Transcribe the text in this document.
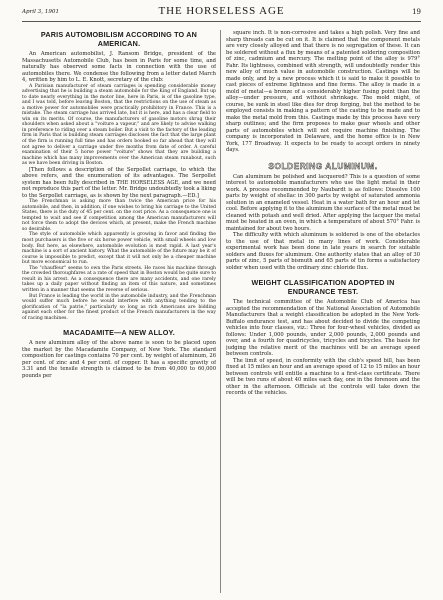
April 3, 1901	THE HORSELESS AGE	19
PARIS AUTOMOBILISM ACCORDING TO AN
AMERICAN.

An American automobilist, J. Ransom Bridge, president of the Massachusetts Automobile Club, has been in Paris for some time, and naturally has observed some facts in connection with the use of automobiles there. We condense the following from a letter dated March 4, written by him to L. E. Knott, secretary of the club:

A Parisian manufacturer of steam carriages is spending considerable money advertising that he is building a steam automobile for the King of England. But up to date nearly everything in the motor line, here in Paris, is of the gasoline type, and I was told, before leaving Boston, that the restrictions on the use of steam as a motive power for automobiles were practically prohibitory in France. This is a mistake. The steam carriage has arrived late, but it is here, and has a clear field to win on its merits. Of course, the manufacturers of gasoline motors shrug their shoulders when asked about a "voiture a vapeur," and are likely to advise walking in preference to riding over a steam boiler. But a visit to the factory of the leading firm in Paris that is building steam carriages discloses the fact that the large plant of the firm is running full time and has orders booked so far ahead that they will not agree to deliver a carriage under five months from date of order. A careful examination of their 5 horse power "voiture" shows that they are building a machine which has many improvements over the American steam runabout, such as we have been driving in Boston.

[Then follows a description of the Serpollet carriage, to which the above refers, and the enumeration of its advantages. The Serpollet system has been fully described in THE HORSELESS AGE, and we need not reproduce this part of the letter. Mr. Bridge undoubtedly took a liking to the Serpollet carriage, as is shown by the next paragraph.—ED.]

The Frenchman is asking more than twice the American price for his automobile, and then, in addition, if one wishes to bring his carriage to the United States, there is the duty of 45 per cent. on the cost price. As a consequence one is tempted to wait and see if competition among the American manufacturers will not force them to adopt the devices which, at present, make the French machine so desirable.

The style of automobile which apparently is growing in favor and finding the most purchasers is the five or six horse power vehicle, with small wheels and low body. But here, as elsewhere, automobile evolution is most rapid. A last year's machine is a sort of ancient history. What the automobile of the future may be it of course is impossible to predict, except that it will not only be a cheaper machine but more economical to run.

The "chauffeur" seems to own the Paris streets. He races his machine through the crowded thoroughfares at a rate of speed that in Boston would be quite sure to result in his arrest. As a consequence there are many accidents, and one rarely takes up a daily paper without finding an item of this nature, and sometimes written in a manner that seems the reverse of serious.

But France is leading the world in the automobile industry, and the Frenchman would suffer much before he would interfere with anything tending to the glorification of "la patrie," particularly so long as rich Americans are bidding against each other for the finest product of the French manufacturers in the way of racing machines.

MACADAMITE—A NEW ALLOY.

A new aluminum alloy of the above name is soon to be placed upon the market by the Macadamite Company, of New York. The standard composition for castings contains 70 per cent. by weight of aluminum, 26 per cent. of zinc and 4 per cent. of copper. It has a specific gravity of 3.31 and the tensile strength is claimed to be from 40,000 to 60,000 pounds per

square inch. It is non-corrosive and takes a high polish. Very fine and sharp threads can be cut on it. It is claimed that the component metals are very closely alloyed and that there is no segregation of these. It can be soldered without a flux by means of a patented soldering composition of zinc, cadmium and mercury. The melting point of the alloy is 979° Fahr. Its lightness, combined with strength, will undoubtedly render this new alloy of much value in automobile construction. Castings will be made only, and by a new process which it is said to make it possible to cast pieces of extreme lightness and fine forms. The alloy is made in a mold of metal—a bronze of a considerably higher fusing point than the alloy—under pressure, and without shrinkage. The mold might, of course, be sunk in steel like dies for drop forging, but the method to be employed consists in making a pattern of the casting to be made and to make the metal mold from this. Castings made by this process have very sharp outlines; and the firm proposes to make gear wheels and other parts of automobiles which will not require machine finishing. The company is incorporated in Delaware, and the home office is in New York, 177 Broadway. It expects to be ready to accept orders in ninety days.

SOLDERING ALUMINUM.

Can aluminum be polished and lacquered? This is a question of some interest to automobile manufacturers who use the light metal in their work. A process recommended by Naubardt is as follows: Dissolve 100 parts by weight of shellac in 300 parts by weight of saturated ammonia solution in an enameled vessel. Heat in a water bath for an hour and let cool. Before applying it to the aluminum the surface of the metal must be cleaned with potash and well dried. After applying the lacquer the metal must be heated in an oven, in which a temperature of about 570° Fahr. is maintained for about two hours.

The difficulty with which aluminum is soldered is one of the obstacles to the use of that metal in many lines of work. Considerable experimental work has been done in late years in search for suitable solders and fluxes for aluminum. One authority states that an alloy of 30 parts of zinc, 5 parts of bismuth and 65 parts of tin forms a satisfactory solder when used with the ordinary zinc chloride flux.

WEIGHT CLASSIFICATION ADOPTED IN
ENDURANCE TEST.

The technical committee of the Automobile Club of America has accepted the recommendation of the National Association of Automobile Manufacturers that a weight classification be adopted in the New York-Buffalo endurance test, and has about decided to divide the competing vehicles into four classes, viz.: Three for four-wheel vehicles, divided as follows: Under 1,000 pounds, under 2,000 pounds, 2,000 pounds and over, and a fourth for quadricycles, tricycles and bicycles. The basis for judging the relative merit of the machines will be an average speed between controls.

The limit of speed, in conformity with the club's speed bill, has been fixed at 15 miles an hour and an average speed of 12 to 15 miles an hour between controls will entitle a machine to a first-class certificate. There will be two runs of about 40 miles each day, one in the forenoon and the other in the afternoon. Officials at the controls will take down the records of the vehicles.
